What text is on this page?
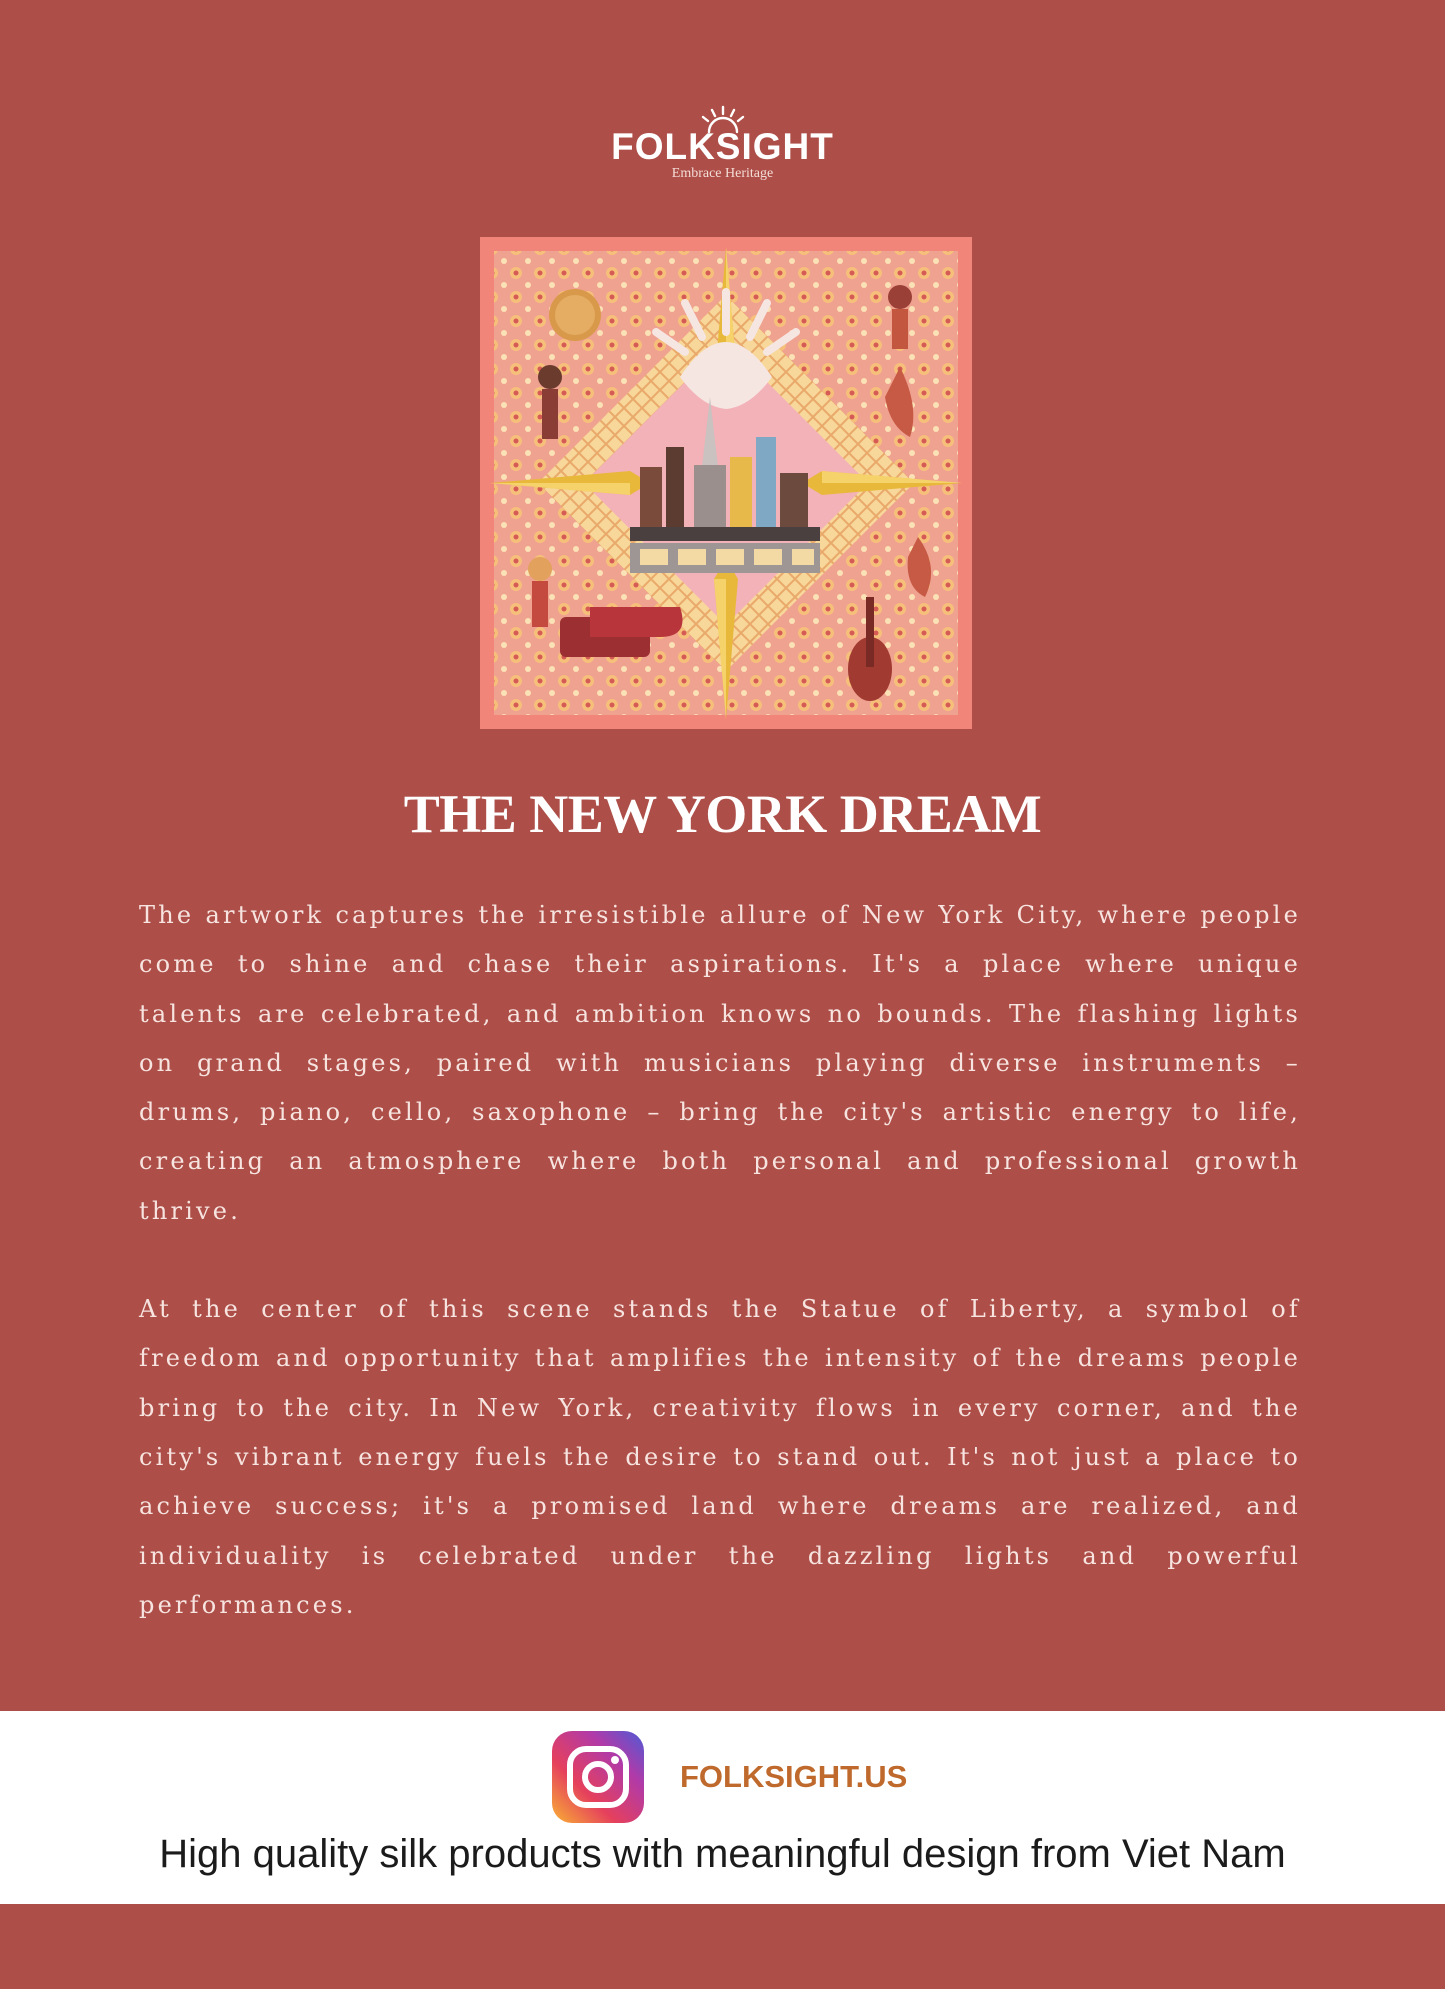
FOLKSIGHT
Embrace Heritage
THE NEW YORK DREAM

The artwork captures the irresistible allure of New York City, where people come to shine and chase their aspirations. It's a place where unique talents are celebrated, and ambition knows no bounds. The flashing lights on grand stages, paired with musicians playing diverse instruments – drums, piano, cello, saxophone – bring the city's artistic energy to life, creating an atmosphere where both personal and professional growth thrive.

At the center of this scene stands the Statue of Liberty, a symbol of freedom and opportunity that amplifies the intensity of the dreams people bring to the city. In New York, creativity flows in every corner, and the city's vibrant energy fuels the desire to stand out. It's not just a place to achieve success; it's a promised land where dreams are realized, and individuality is celebrated under the dazzling lights and powerful performances.

FOLKSIGHT.US
High quality silk products with meaningful design from Viet Nam
